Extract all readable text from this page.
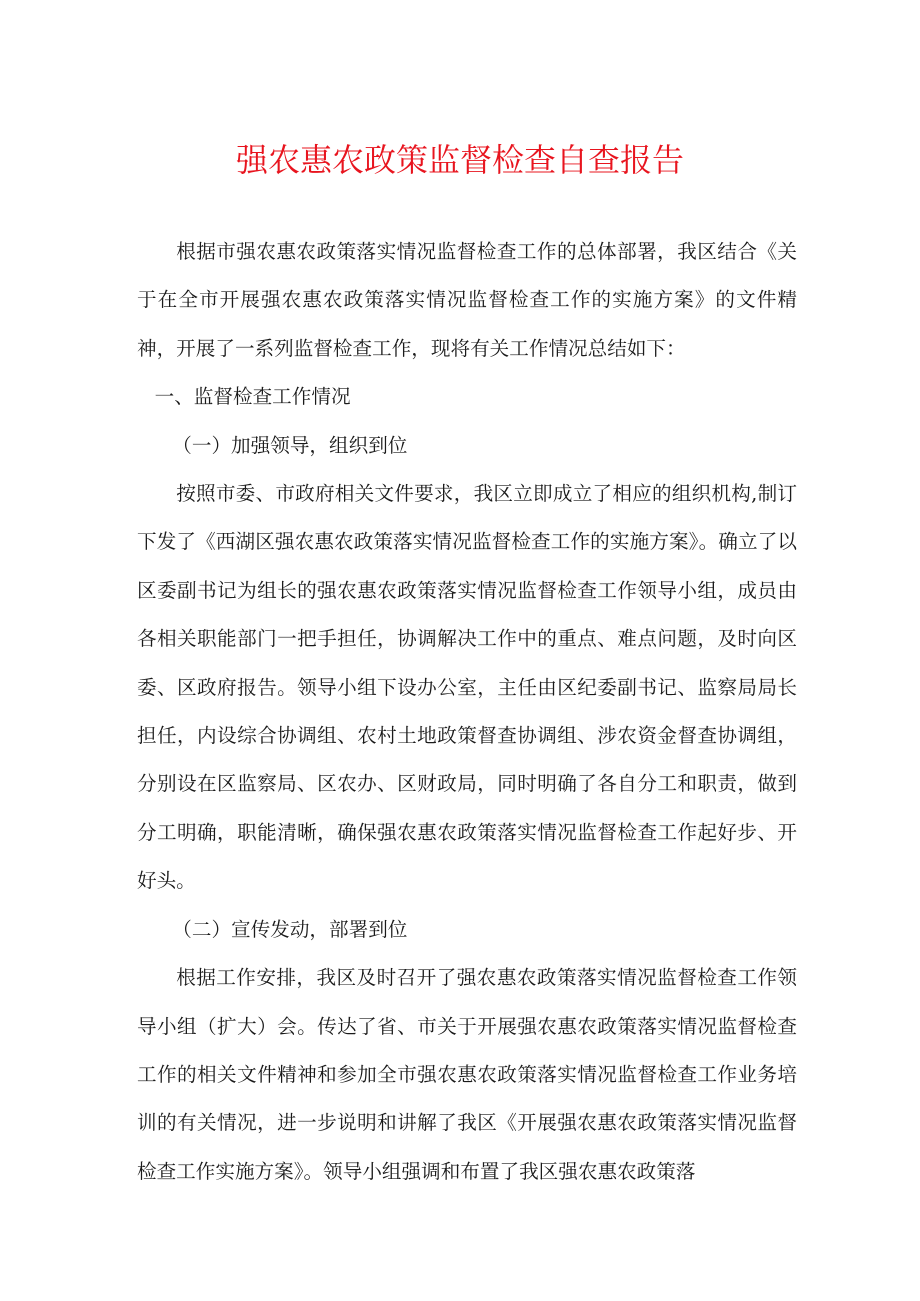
强农惠农政策监督检查自查报告

根据市强农惠农政策落实情况监督检查工作的总体部署，我区结合《关于在全市开展强农惠农政策落实情况监督检查工作的实施方案》的文件精神，开展了一系列监督检查工作，现将有关工作情况总结如下：

一、监督检查工作情况

（一）加强领导，组织到位

按照市委、市政府相关文件要求，我区立即成立了相应的组织机构,制订下发了《西湖区强农惠农政策落实情况监督检查工作的实施方案》。确立了以区委副书记为组长的强农惠农政策落实情况监督检查工作领导小组，成员由各相关职能部门一把手担任，协调解决工作中的重点、难点问题，及时向区委、区政府报告。领导小组下设办公室，主任由区纪委副书记、监察局局长担任，内设综合协调组、农村土地政策督查协调组、涉农资金督查协调组，分别设在区监察局、区农办、区财政局，同时明确了各自分工和职责，做到分工明确，职能清晰，确保强农惠农政策落实情况监督检查工作起好步、开好头。

（二）宣传发动，部署到位

根据工作安排，我区及时召开了强农惠农政策落实情况监督检查工作领导小组（扩大）会。传达了省、市关于开展强农惠农政策落实情况监督检查工作的相关文件精神和参加全市强农惠农政策落实情况监督检查工作业务培训的有关情况，进一步说明和讲解了我区《开展强农惠农政策落实情况监督检查工作实施方案》。领导小组强调和布置了我区强农惠农政策落
